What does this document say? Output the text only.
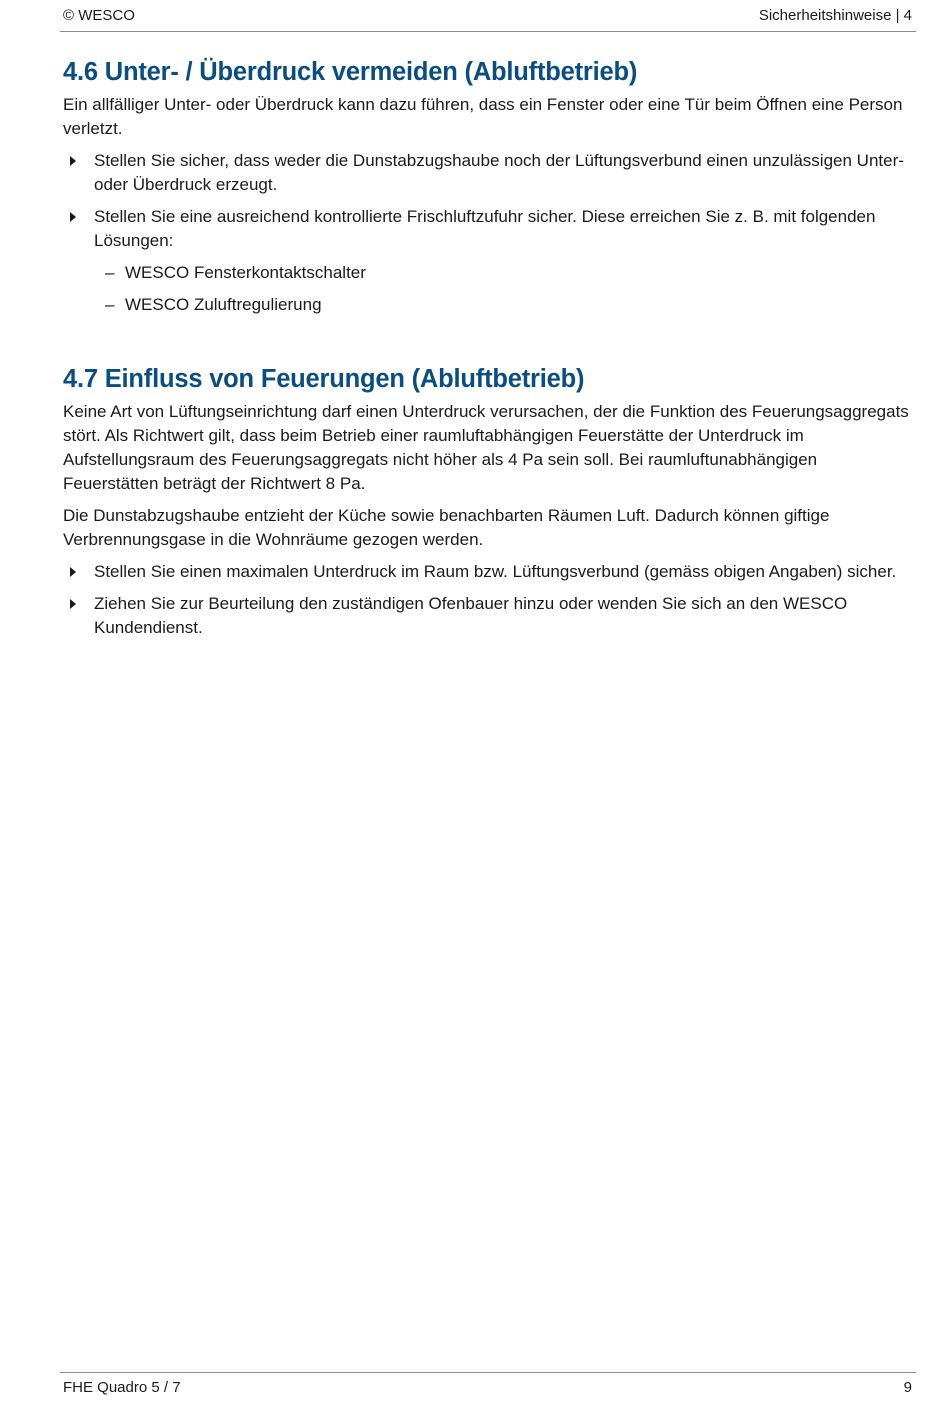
© WESCO	Sicherheitshinweise | 4
4.6 Unter- / Überdruck vermeiden (Abluftbetrieb)

Ein allfälliger Unter- oder Überdruck kann dazu führen, dass ein Fenster oder eine Tür beim Öffnen eine Person verletzt.

Stellen Sie sicher, dass weder die Dunstabzugshaube noch der Lüftungsverbund einen unzulässigen Unter- oder Überdruck erzeugt.
Stellen Sie eine ausreichend kontrollierte Frischluftzufuhr sicher. Diese erreichen Sie z. B. mit folgenden Lösungen:
– WESCO Fensterkontaktschalter
– WESCO Zuluftregulierung
4.7 Einfluss von Feuerungen (Abluftbetrieb)

Keine Art von Lüftungseinrichtung darf einen Unterdruck verursachen, der die Funktion des Feuerungsaggregats stört. Als Richtwert gilt, dass beim Betrieb einer raumluftabhängigen Feuerstätte der Unterdruck im Aufstellungsraum des Feuerungsaggregats nicht höher als 4 Pa sein soll. Bei raumluftunabhängigen Feuerstätten beträgt der Richtwert 8 Pa.

Die Dunstabzugshaube entzieht der Küche sowie benachbarten Räumen Luft. Dadurch können giftige Verbrennungsgase in die Wohnräume gezogen werden.

Stellen Sie einen maximalen Unterdruck im Raum bzw. Lüftungsverbund (gemäss obigen Angaben) sicher.
Ziehen Sie zur Beurteilung den zuständigen Ofenbauer hinzu oder wenden Sie sich an den WESCO Kundendienst.
FHE Quadro 5 / 7	9
